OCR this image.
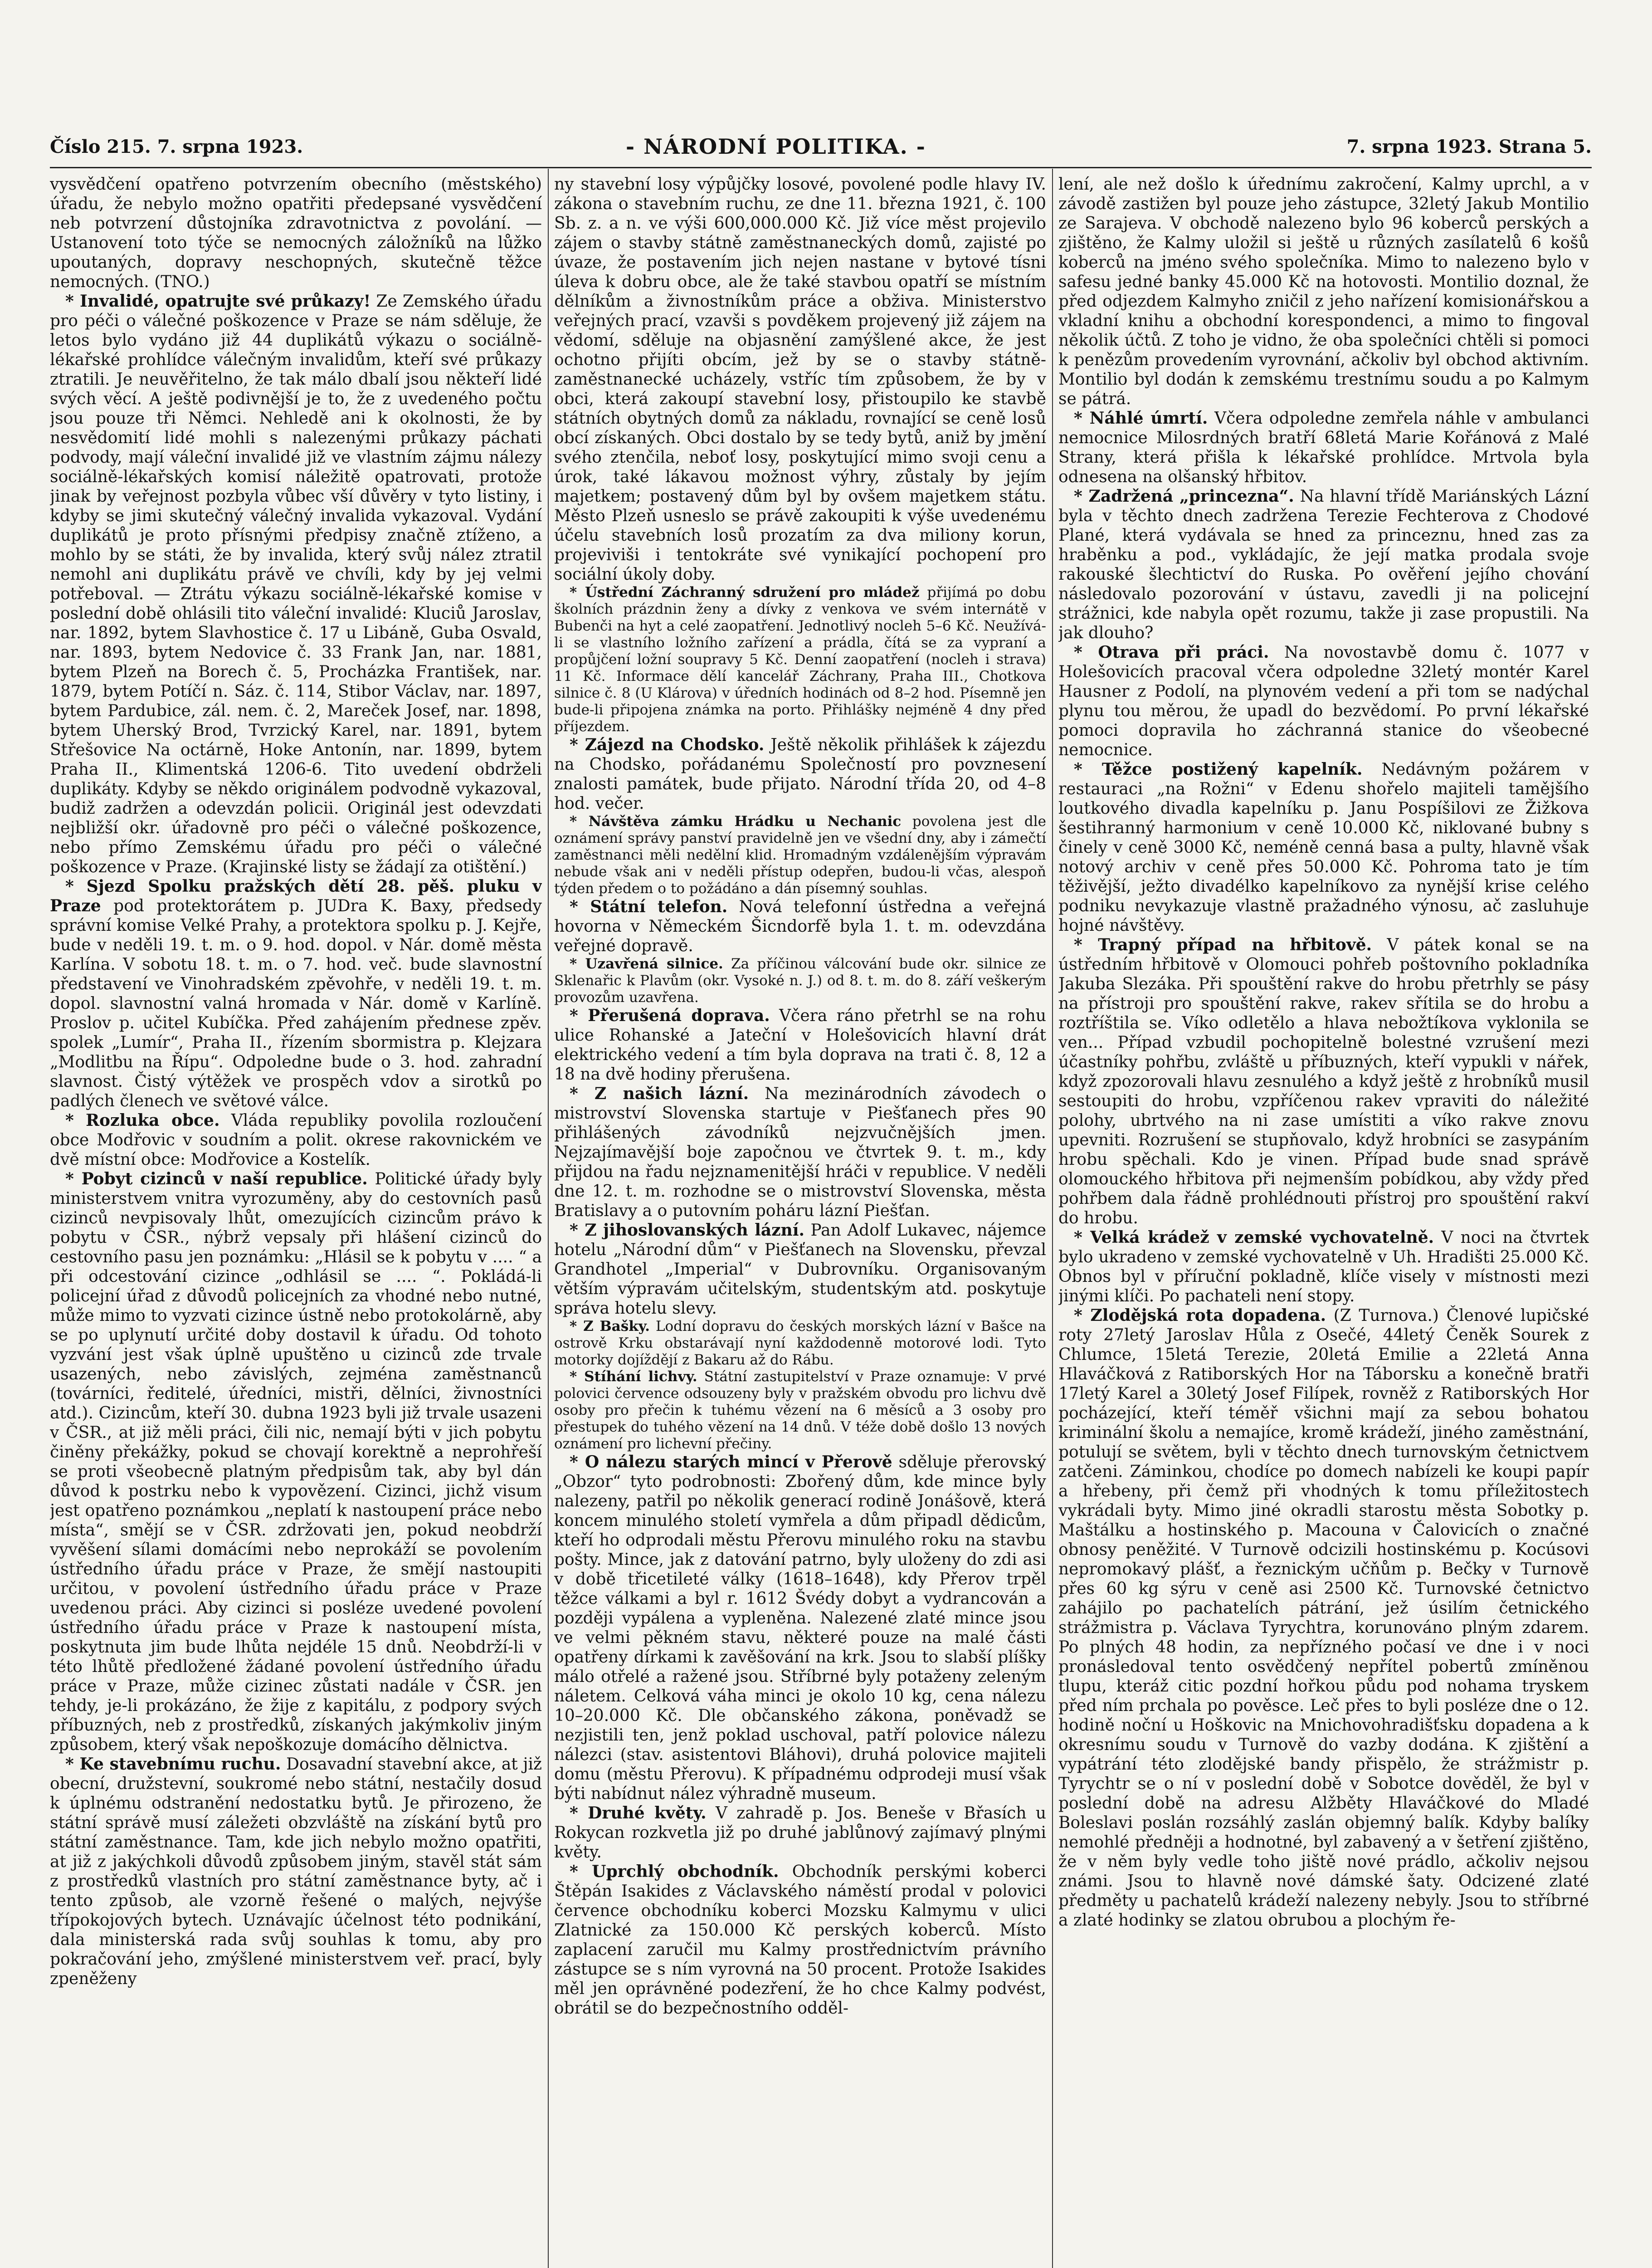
Číslo 215. 7. srpna 1923.	- NÁRODNÍ POLITIKA. -	7. srpna 1923. Strana 5.

vysvědčení opatřeno potvrzením obecního (městského) úřadu, že nebylo možno opatřiti předepsané vysvědčení neb potvrzení důstojníka zdravotnictva z povolání. — Ustanovení toto týče se nemocných záložníků na lůžko upoutaných, dopravy neschopných, skutečně těžce nemocných. (TNO.)

* Invalidé, opatrujte své průkazy! Ze Zemského úřadu pro péči o válečné poškozence v Praze se nám sděluje, že letos bylo vydáno již 44 duplikátů výkazu o sociálně-lékařské prohlídce válečným invalidům, kteří své průkazy ztratili. Je neuvěřitelno, že tak málo dbalí jsou někteří lidé svých věcí. A ještě podivnější je to, že z uvedeného počtu jsou pouze tři Němci. Nehledě ani k okolnosti, že by nesvědomití lidé mohli s nalezenými průkazy páchati podvody, mají váleční invalidé již ve vlastním zájmu nálezy sociálně-lékařských komisí náležitě opatrovati, protože jinak by veřejnost pozbyla vůbec vší důvěry v tyto listiny, i kdyby se jimi skutečný válečný invalida vykazoval. Vydání duplikátů je proto přísnými předpisy značně ztíženo, a mohlo by se státi, že by invalida, který svůj nález ztratil nemohl ani duplikátu právě ve chvíli, kdy by jej velmi potřeboval. — Ztrátu výkazu sociálně-lékařské komise v poslední době ohlásili tito váleční invalidé: Kluciů Jaroslav, nar. 1892, bytem Slavhostice č. 17 u Libáně, Guba Osvald, nar. 1893, bytem Nedovice č. 33 Frank Jan, nar. 1881, bytem Plzeň na Borech č. 5, Procházka František, nar. 1879, bytem Potíčí n. Sáz. č. 114, Stibor Václav, nar. 1897, bytem Pardubice, zál. nem. č. 2, Mareček Josef, nar. 1898, bytem Uherský Brod, Tvrzický Karel, nar. 1891, bytem Střešovice Na octárně, Hoke Antonín, nar. 1899, bytem Praha II., Klimentská 1206-6. Tito uvedení obdrželi duplikáty. Kdyby se někdo originálem podvodně vykazoval, budiž zadržen a odevzdán policii. Originál jest odevzdati nejbližší okr. úřadovně pro péči o válečné poškozence, nebo přímo Zemskému úřadu pro péči o válečné poškozence v Praze. (Krajinské listy se žádají za otištění.)

* Sjezd Spolku pražských dětí 28. pěš. pluku v Praze pod protektorátem p. JUDra K. Baxy, předsedy správní komise Velké Prahy, a protektora spolku p. J. Kejře, bude v neděli 19. t. m. o 9. hod. dopol. v Nár. domě města Karlína. V sobotu 18. t. m. o 7. hod. več. bude slavnostní představení ve Vinohradském zpěvohře, v neděli 19. t. m. dopol. slavnostní valná hromada v Nár. domě v Karlíně. Proslov p. učitel Kubíčka. Před zahájením přednese zpěv. spolek „Lumír“, Praha II., řízením sbormistra p. Klejzara „Modlitbu na Řípu“. Odpoledne bude o 3. hod. zahradní slavnost. Čistý výtěžek ve prospěch vdov a sirotků po padlých členech ve světové válce.

* Rozluka obce. Vláda republiky povolila rozloučení obce Modřovic v soudním a polit. okrese rakovnickém ve dvě místní obce: Modřovice a Kostelík.

* Pobyt cizinců v naší republice. Politické úřady byly ministerstvem vnitra vyrozuměny, aby do cestovních pasů cizinců nevpisovaly lhůt, omezujících cizincům právo k pobytu v ČSR., nýbrž vepsaly při hlášení cizinců do cestovního pasu jen poznámku: „Hlásil se k pobytu v .... “ a při odcestování cizince „odhlásil se .... “. Pokládá-li policejní úřad z důvodů policejních za vhodné nebo nutné, může mimo to vyzvati cizince ústně nebo protokolárně, aby se po uplynutí určité doby dostavil k úřadu. Od tohoto vyzvání jest však úplně upuštěno u cizinců zde trvale usazených, nebo závislých, zejména zaměstnanců (továrníci, ředitelé, úředníci, mistři, dělníci, živnostníci atd.). Cizincům, kteří 30. dubna 1923 byli již trvale usazeni v ČSR., at již měli práci, čili nic, nemají býti v jich pobytu činěny překážky, pokud se chovají korektně a neprohřeší se proti všeobecně platným předpisům tak, aby byl dán důvod k postrku nebo k vypovězení. Cizinci, jichž visum jest opatřeno poznámkou „neplatí k nastoupení práce nebo místa“, smějí se v ČSR. zdržovati jen, pokud neobdrží vyvěšení sílami domácími nebo neprokáží se povolením ústředního úřadu práce v Praze, že smějí nastoupiti určitou, v povolení ústředního úřadu práce v Praze uvedenou práci. Aby cizinci si posléze uvedené povolení ústředního úřadu práce v Praze k nastoupení místa, poskytnuta jim bude lhůta nejdéle 15 dnů. Neobdrží-li v této lhůtě předložené žádané povolení ústředního úřadu práce v Praze, může cizinec zůstati nadále v ČSR. jen tehdy, je-li prokázáno, že žije z kapitálu, z podpory svých příbuzných, neb z prostředků, získaných jakýmkoliv jiným způsobem, který však nepoškozuje domácího dělnictva.

* Ke stavebnímu ruchu. Dosavadní stavební akce, at již obecní, družstevní, soukromé nebo státní, nestačily dosud k úplnému odstranění nedostatku bytů. Je přirozeno, že státní správě musí záležeti obzvláště na získání bytů pro státní zaměstnance. Tam, kde jich nebylo možno opatřiti, at již z jakýchkoli důvodů způsobem jiným, stavěl stát sám z prostředků vlastních pro státní zaměstnance byty, ač i tento způsob, ale vzorně řešené o malých, nejvýše třípokojových bytech. Uznávajíc účelnost této podnikání, dala ministerská rada svůj souhlas k tomu, aby pro pokračování jeho, zmýšlené ministerstvem veř. prací, byly zpeněženy

ny stavební losy výpůjčky losové, povolené podle hlavy IV. zákona o stavebním ruchu, ze dne 11. března 1921, č. 100 Sb. z. a n. ve výši 600,000.000 Kč. Již více měst projevilo zájem o stavby státně zaměstnaneckých domů, zajisté po úvaze, že postavením jich nejen nastane v bytové tísni úleva k dobru obce, ale že také stavbou opatří se místním dělníkům a živnostníkům práce a obživa. Ministerstvo veřejných prací, vzavši s povděkem projevený již zájem na vědomí, sděluje na objasnění zamýšlené akce, že jest ochotno přijíti obcím, jež by se o stavby státně-zaměstnanecké ucházely, vstříc tím způsobem, že by v obci, která zakoupí stavební losy, přistoupilo ke stavbě státních obytných domů za nákladu, rovnající se ceně losů obcí získaných. Obci dostalo by se tedy bytů, aniž by jmění svého ztenčila, neboť losy, poskytující mimo svoji cenu a úrok, také lákavou možnost výhry, zůstaly by jejím majetkem; postavený dům byl by ovšem majetkem státu. Město Plzeň usneslo se právě zakoupiti k výše uvedenému účelu stavebních losů prozatím za dva miliony korun, projeviviši i tentokráte své vynikající pochopení pro sociální úkoly doby.

* Ústřední Záchranný sdružení pro mládež přijímá po dobu školních prázdnin ženy a dívky z venkova ve svém internátě v Bubenči na hyt a celé zaopatření. Jednotlivý nocleh 5–6 Kč. Neužívá-li se vlastního ložního zařízení a prádla, čítá se za vypraní a propůjčení ložní soupravy 5 Kč. Denní zaopatření (nocleh i strava) 11 Kč. Informace dělí kancelář Záchrany, Praha III., Chotkova silnice č. 8 (U Klárova) v úředních hodinách od 8–2 hod. Písemně jen bude-li připojena známka na porto. Přihlášky nejméně 4 dny před příjezdem.

* Zájezd na Chodsko. Ještě několik přihlášek k zájezdu na Chodsko, pořádanému Společností pro povznesení znalosti památek, bude přijato. Národní třída 20, od 4–8 hod. večer.

* Návštěva zámku Hrádku u Nechanic povolena jest dle oznámení správy panství pravidelně jen ve všední dny, aby i zámečtí zaměstnanci měli nedělní klid. Hromadným vzdálenějším výpravám nebude však ani v neděli přístup odepřen, budou-li včas, alespoň týden předem o to požádáno a dán písemný souhlas.

* Státní telefon. Nová telefonní ústředna a veřejná hovorna v Německém Šicndorfě byla 1. t. m. odevzdána veřejné dopravě.

* Uzavřená silnice. Za příčinou válcování bude okr. silnice ze Sklenařic k Plavům (okr. Vysoké n. J.) od 8. t. m. do 8. září veškerým provozům uzavřena.

* Přerušená doprava. Včera ráno přetrhl se na rohu ulice Rohanské a Jateční v Holešovicích hlavní drát elektrického vedení a tím byla doprava na trati č. 8, 12 a 18 na dvě hodiny přerušena.

* Z našich lázní. Na mezinárodních závodech o mistrovství Slovenska startuje v Piešťanech přes 90 přihlášených závodníků nejzvučnějších jmen. Nejzajímavější boje započnou ve čtvrtek 9. t. m., kdy přijdou na řadu nejznamenitější hráči v republice. V neděli dne 12. t. m. rozhodne se o mistrovství Slovenska, města Bratislavy a o putovním poháru lázní Piešťan.

* Z jihoslovanských lázní. Pan Adolf Lukavec, nájemce hotelu „Národní dům“ v Piešťanech na Slovensku, převzal Grandhotel „Imperial“ v Dubrovníku. Organisovaným větším výpravám učitelským, studentským atd. poskytuje správa hotelu slevy.

* Z Bašky. Lodní dopravu do českých morských lázní v Bašce na ostrově Krku obstarávají nyní každodenně motorové lodi. Tyto motorky dojíždějí z Bakaru až do Rábu.

* Stíhání lichvy. Státní zastupitelství v Praze oznamuje: V prvé polovici července odsouzeny byly v pražském obvodu pro lichvu dvě osoby pro přečin k tuhému vězení na 6 měsíců a 3 osoby pro přestupek do tuhého vězení na 14 dnů. V téže době došlo 13 nových oznámení pro lichevní přečiny.

* O nálezu starých mincí v Přerově sděluje přerovský „Obzor“ tyto podrobnosti: Zbořený dům, kde mince byly nalezeny, patřil po několik generací rodině Jonášově, která koncem minulého století vymřela a dům připadl dědicům, kteří ho odprodali městu Přerovu minulého roku na stavbu pošty. Mince, jak z datování patrno, byly uloženy do zdi asi v době třicetileté války (1618–1648), kdy Přerov trpěl těžce válkami a byl r. 1612 Švédy dobyt a vydrancován a později vypálena a vypleněna. Nalezené zlaté mince jsou ve velmi pěkném stavu, některé pouze na malé části opatřeny dírkami k zavěšování na krk. Jsou to slabší plíšky málo otřelé a ražené jsou. Stříbrné byly potaženy zeleným náletem. Celková váha minci je okolo 10 kg, cena nálezu 10–20.000 Kč. Dle občanského zákona, poněvadž se nezjistili ten, jenž poklad uschoval, patří polovice nálezu nálezci (stav. asistentovi Bláhovi), druhá polovice majiteli domu (městu Přerovu). K případnému odprodeji musí však býti nabídnut nález výhradně museum.

* Druhé květy. V zahradě p. Jos. Beneše v Břasích u Rokycan rozkvetla již po druhé jablůnový zajímavý plnými květy.

* Uprchlý obchodník. Obchodník perskými koberci Štěpán Isakides z Václavského náměstí prodal v polovici července obchodníku koberci Mozsku Kalmymu v ulici Zlatnické za 150.000 Kč perských koberců. Místo zaplacení zaručil mu Kalmy prostřednictvím právního zástupce se s ním vyrovná na 50 procent. Protože Isakides měl jen oprávněné podezření, že ho chce Kalmy podvést, obrátil se do bezpečnostního odděl-

lení, ale než došlo k úřednímu zakročení, Kalmy uprchl, a v závodě zastižen byl pouze jeho zástupce, 32letý Jakub Montilio ze Sarajeva. V obchodě nalezeno bylo 96 koberců perských a zjištěno, že Kalmy uložil si ještě u různých zasílatelů 6 košů koberců na jméno svého společníka. Mimo to nalezeno bylo v safesu jedné banky 45.000 Kč na hotovosti. Montilio doznal, že před odjezdem Kalmyho zničil z jeho nařízení komisionářskou a vkladní knihu a obchodní korespondenci, a mimo to fingoval několik účtů. Z toho je vidno, že oba společníci chtěli si pomoci k penězům provedením vyrovnání, ačkoliv byl obchod aktivním. Montilio byl dodán k zemskému trestnímu soudu a po Kalmym se pátrá.

* Náhlé úmrtí. Včera odpoledne zemřela náhle v ambulanci nemocnice Milosrdných bratří 68letá Marie Kořánová z Malé Strany, která přišla k lékařské prohlídce. Mrtvola byla odnesena na olšanský hřbitov.

* Zadržená „princezna“. Na hlavní třídě Mariánských Lázní byla v těchto dnech zadržena Terezie Fechterova z Chodové Plané, která vydávala se hned za princeznu, hned zas za hraběnku a pod., vykládajíc, že její matka prodala svoje rakouské šlechtictví do Ruska. Po ověření jejího chování následovalo pozorování v ústavu, zavedli ji na policejní strážnici, kde nabyla opět rozumu, takže ji zase propustili. Na jak dlouho?

* Otrava při práci. Na novostavbě domu č. 1077 v Holešovicích pracoval včera odpoledne 32letý montér Karel Hausner z Podolí, na plynovém vedení a při tom se nadýchal plynu tou měrou, že upadl do bezvědomí. Po první lékařské pomoci dopravila ho záchranná stanice do všeobecné nemocnice.

* Těžce postižený kapelník. Nedávným požárem v restauraci „na Rožni“ v Edenu shořelo majiteli tamějšího loutkového divadla kapelníku p. Janu Pospíšilovi ze Žižkova šestihranný harmonium v ceně 10.000 Kč, niklované bubny s činely v ceně 3000 Kč, neméně cenná basa a pulty, hlavně však notový archiv v ceně přes 50.000 Kč. Pohroma tato je tím těživější, ježto divadélko kapelníkovo za nynější krise celého podniku nevykazuje vlastně pražadného výnosu, ač zasluhuje hojné návštěvy.

* Trapný případ na hřbitově. V pátek konal se na ústředním hřbitově v Olomouci pohřeb poštovního pokladníka Jakuba Slezáka. Při spouštění rakve do hrobu přetrhly se pásy na přístroji pro spouštění rakve, rakev sřítila se do hrobu a roztříštila se. Víko odletělo a hlava nebožtíkova vyklonila se ven... Případ vzbudil pochopitelně bolestné vzrušení mezi účastníky pohřbu, zvláště u příbuzných, kteří vypukli v nářek, když zpozorovali hlavu zesnulého a když ještě z hrobníků musil sestoupiti do hrobu, vzpříčenou rakev vpraviti do náležité polohy, ubrtvého na ni zase umístiti a víko rakve znovu upevniti. Rozrušení se stupňovalo, když hrobníci se zasypáním hrobu spěchali. Kdo je vinen. Případ bude snad správě olomouckého hřbitova při nejmenším pobídkou, aby vždy před pohřbem dala řádně prohlédnouti přístroj pro spouštění rakví do hrobu.

* Velká krádež v zemské vychovatelně. V noci na čtvrtek bylo ukradeno v zemské vychovatelně v Uh. Hradišti 25.000 Kč. Obnos byl v příruční pokladně, klíče visely v místnosti mezi jinými klíči. Po pachateli není stopy.

* Zlodějská rota dopadena. (Z Turnova.) Členové lupičské roty 27letý Jaroslav Hůla z Osečé, 44letý Čeněk Sourek z Chlumce, 15letá Terezie, 20letá Emilie a 22letá Anna Hlaváčková z Ratiborských Hor na Táborsku a konečně bratři 17letý Karel a 30letý Josef Filípek, rovněž z Ratiborských Hor pocházející, kteří téměř všichni mají za sebou bohatou kriminální školu a nemajíce, kromě krádeží, jiného zaměstnání, potulují se světem, byli v těchto dnech turnovským četnictvem zatčeni. Záminkou, chodíce po domech nabízeli ke koupi papír a hřebeny, při čemž při vhodných k tomu příležitostech vykrádali byty. Mimo jiné okradli starostu města Sobotky p. Maštálku a hostinského p. Macouna v Čalovicích o značné obnosy peněžité. V Turnově odcizili hostinskému p. Kocúsovi nepromokavý plášť, a řeznickým učňům p. Bečky v Turnově přes 60 kg sýru v ceně asi 2500 Kč. Turnovské četnictvo zahájilo po pachatelích pátrání, jež úsilím četnického strážmistra p. Václava Tyrychtra, korunováno plným zdarem. Po plných 48 hodin, za nepřízného počasí ve dne i v noci pronásledoval tento osvědčený nepřítel pobertů zmíněnou tlupu, kteráž citic pozdní hořkou půdu pod nohama tryskem před ním prchala po pověsce. Leč přes to byli posléze dne o 12. hodině noční u Hoškovic na Mnichovohradišťsku dopadena a k okresnímu soudu v Turnově do vazby dodána. K zjištění a vypátrání této zlodějské bandy přispělo, že strážmistr p. Tyrychtr se o ní v poslední době v Sobotce dověděl, že byl v poslední době na adresu Alžběty Hlaváčkové do Mladé Boleslavi poslán rozsáhlý zaslán objemný balík. Kdyby balíky nemohlé předněji a hodnotné, byl zabavený a v šetření zjištěno, že v něm byly vedle toho jiště nové prádlo, ačkoliv nejsou známi. Jsou to hlavně nové dámské šaty. Odcizené zlaté předměty u pachatelů krádeží nalezeny nebyly. Jsou to stříbrné a zlaté hodinky se zlatou obrubou a plochým ře-
